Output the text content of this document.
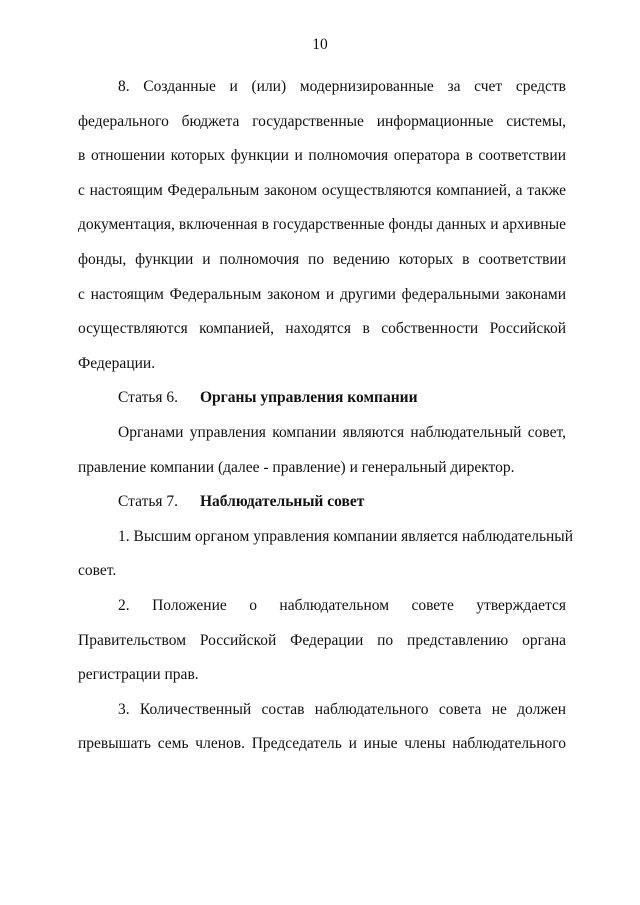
10
8. Созданные и (или) модернизированные за счет средств
федерального бюджета государственные информационные системы,
в отношении которых функции и полномочия оператора в соответствии
с настоящим Федеральным законом осуществляются компанией, а также
документация, включенная в государственные фонды данных и архивные
фонды, функции и полномочия по ведению которых в соответствии
с настоящим Федеральным законом и другими федеральными законами
осуществляются компанией, находятся в собственности Российской
Федерации.
Статья 6. Органы управления компании
Органами управления компании являются наблюдательный совет,
правление компании (далее - правление) и генеральный директор.
Статья 7. Наблюдательный совет
1. Высшим органом управления компании является наблюдательный
совет.
2. Положение о наблюдательном совете утверждается
Правительством Российской Федерации по представлению органа
регистрации прав.
3. Количественный состав наблюдательного совета не должен
превышать семь членов. Председатель и иные члены наблюдательного
